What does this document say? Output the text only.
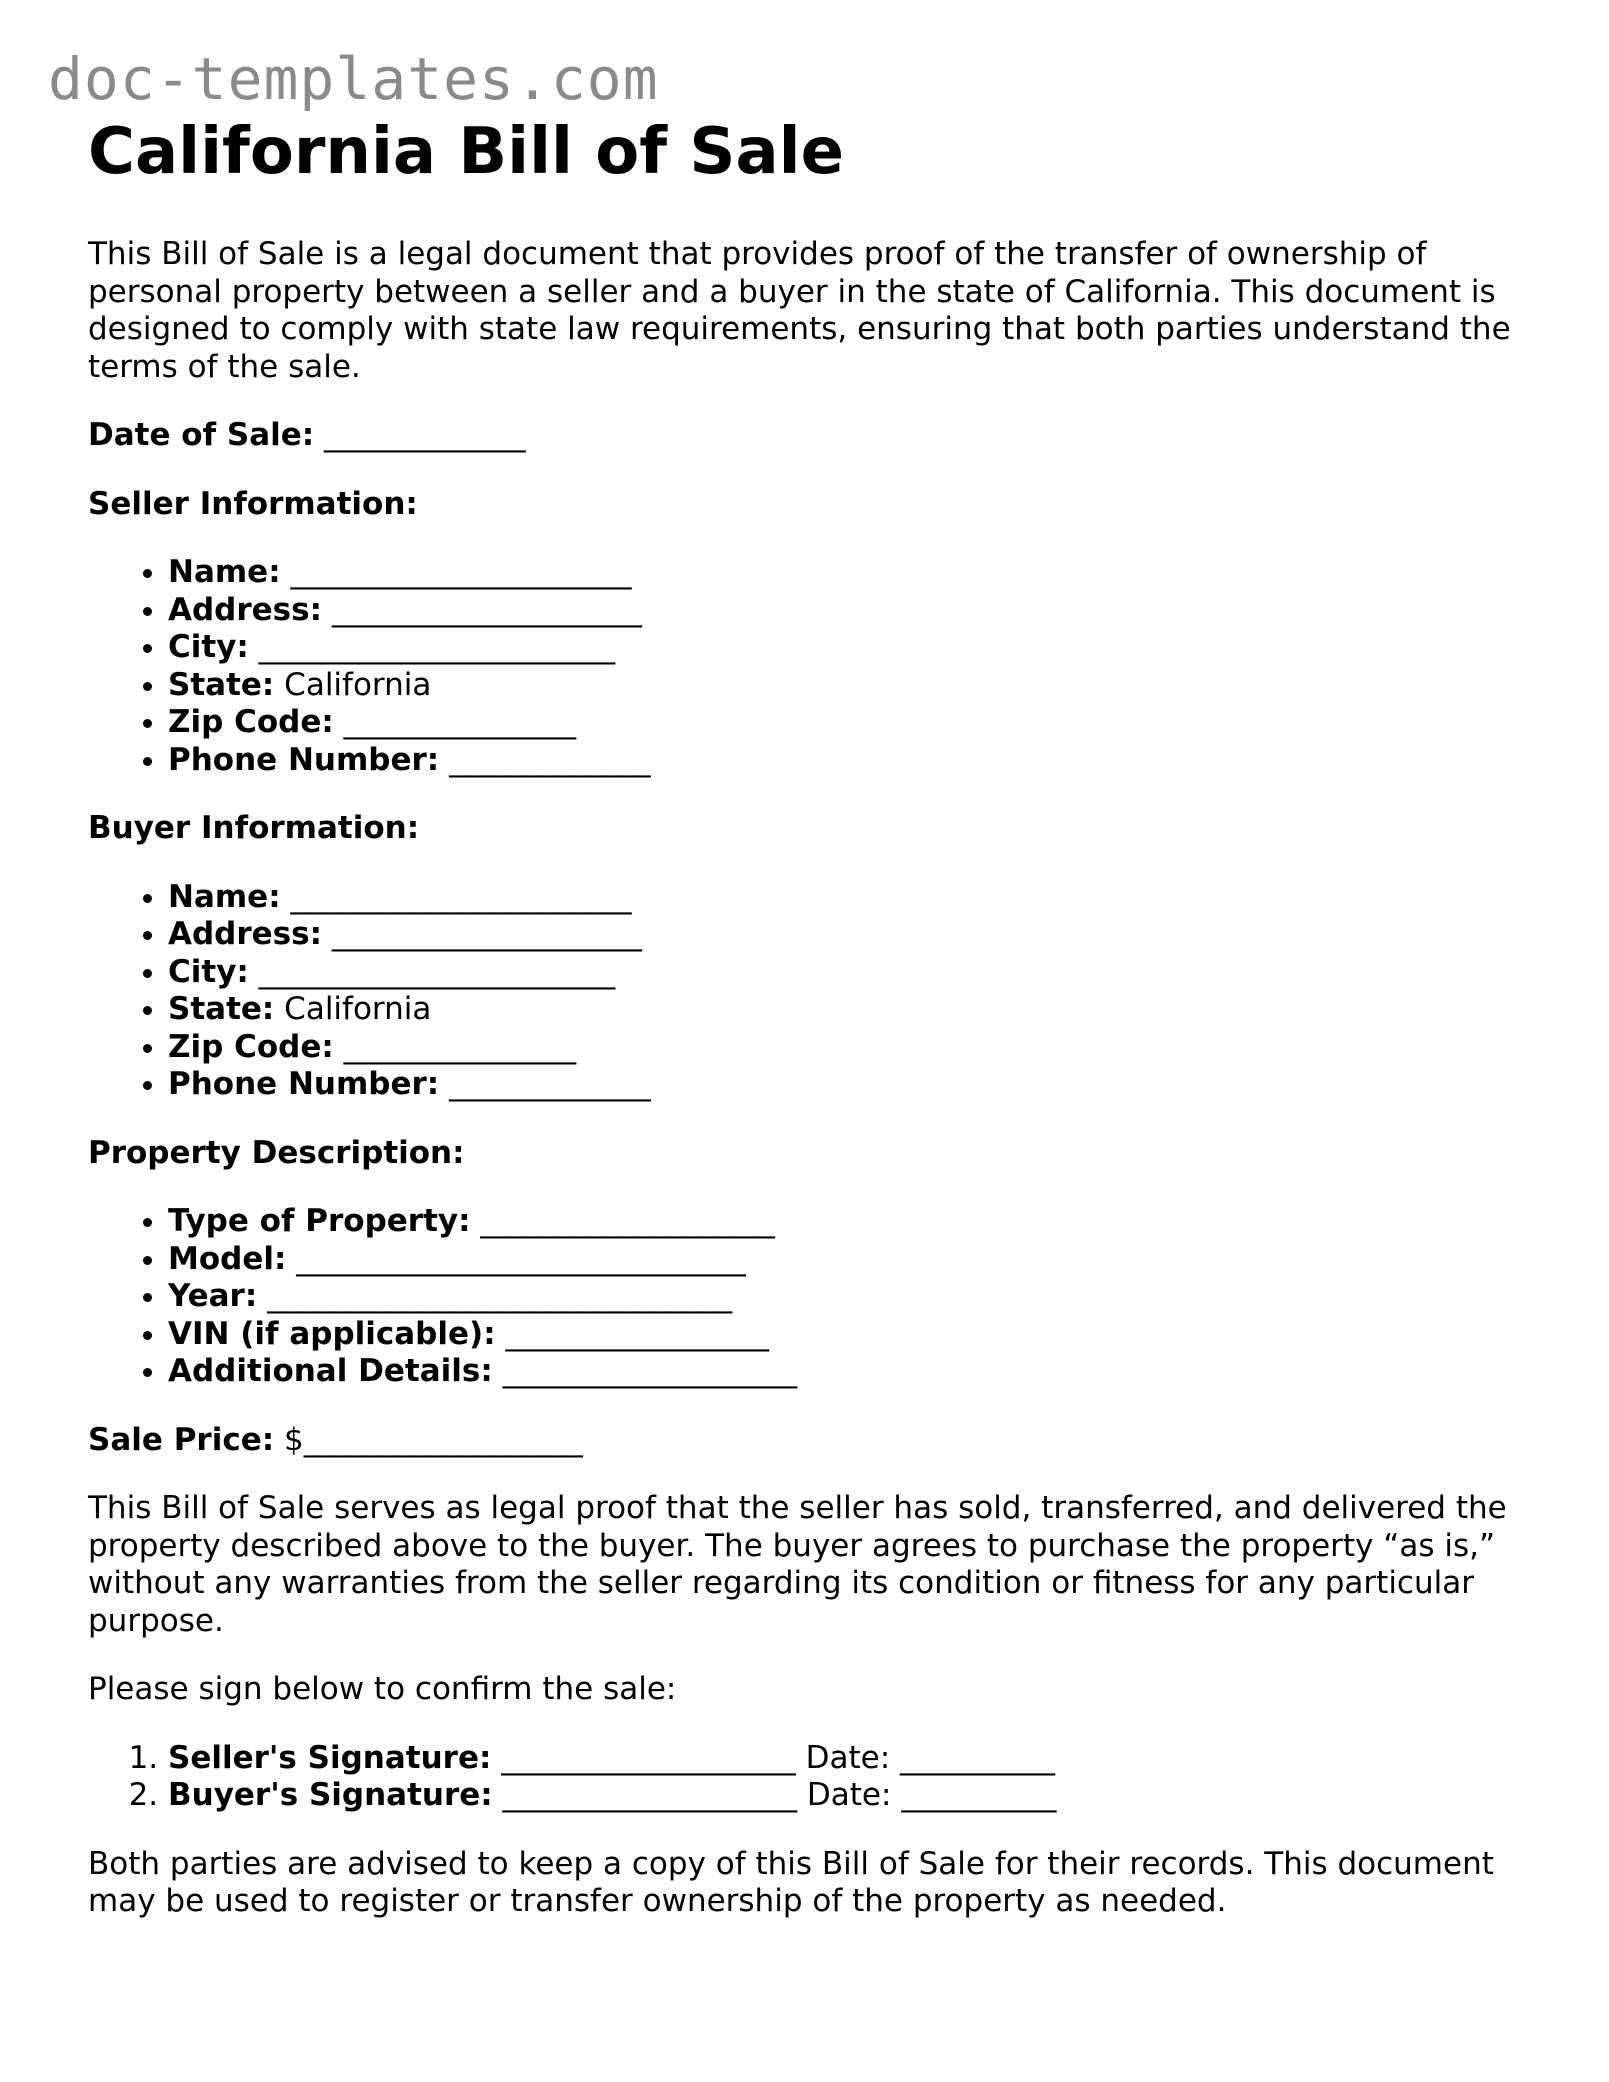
doc-templates.com
California Bill of Sale

This Bill of Sale is a legal document that provides proof of the transfer of ownership of personal property between a seller and a buyer in the state of California. This document is designed to comply with state law requirements, ensuring that both parties understand the terms of the sale.

Date of Sale: _____________

Seller Information:
• Name: ______________________
• Address: ____________________
• City: _______________________
• State: California
• Zip Code: _______________
• Phone Number: _____________
Buyer Information:
• Name: ______________________
• Address: ____________________
• City: _______________________
• State: California
• Zip Code: _______________
• Phone Number: _____________
Property Description:
• Type of Property: ___________________
• Model: _____________________________
• Year: ______________________________
• VIN (if applicable): _________________
• Additional Details: ___________________

Sale Price: $__________________

This Bill of Sale serves as legal proof that the seller has sold, transferred, and delivered the property described above to the buyer. The buyer agrees to purchase the property “as is,” without any warranties from the seller regarding its condition or fitness for any particular purpose.

Please sign below to confirm the sale:

1. Seller's Signature: ___________________ Date: __________
2. Buyer's Signature: ___________________ Date: __________

Both parties are advised to keep a copy of this Bill of Sale for their records. This document may be used to register or transfer ownership of the property as needed.
